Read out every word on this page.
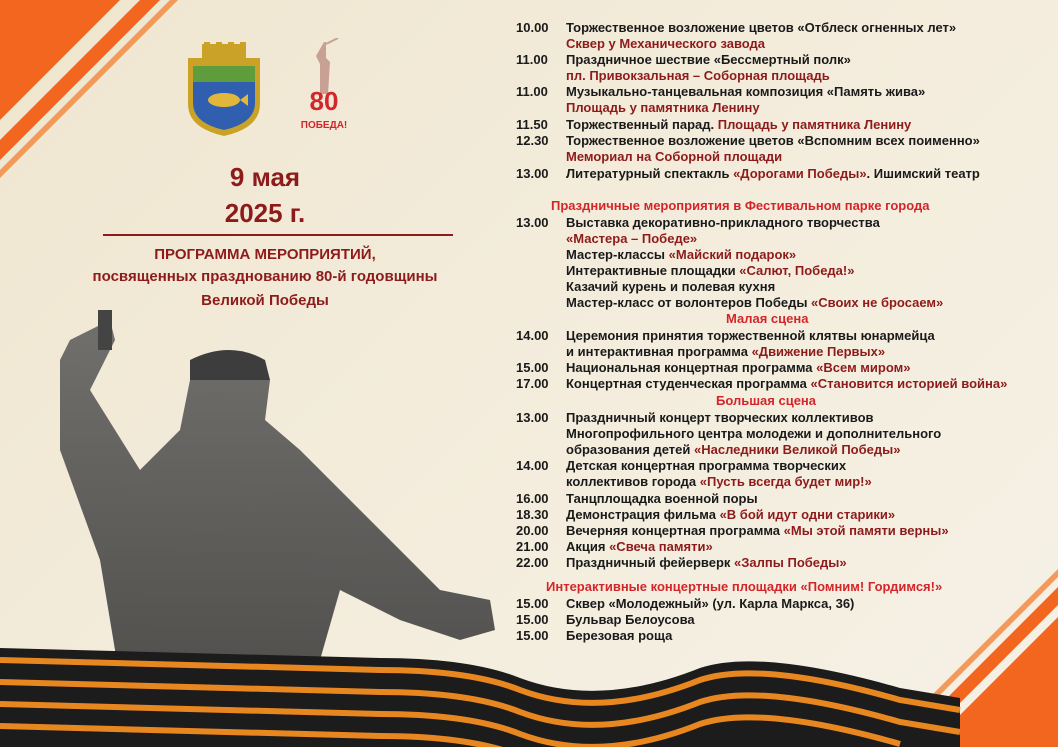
80
ПОБЕДА!
9 мая
2025 г.
ПРОГРАММА МЕРОПРИЯТИЙ,
посвященных празднованию 80-й годовщины
Великой Победы
10.00 Торжественное возложение цветов «Отблеск огненных лет»
Сквер у Механического завода
11.00 Праздничное шествие «Бессмертный полк»
пл. Привокзальная – Соборная площадь
11.00 Музыкально-танцевальная композиция «Память жива»
Площадь у памятника Ленину
11.50 Торжественный парад. Площадь у памятника Ленину
12.30 Торжественное возложение цветов «Вспомним всех поименно»
Мемориал на Соборной площади
13.00 Литературный спектакль «Дорогами Победы». Ишимский театр
Праздничные мероприятия в Фестивальном парке города
13.00 Выставка декоративно-прикладного творчества
«Мастера – Победе»
Мастер-классы «Майский подарок»
Интерактивные площадки «Салют, Победа!»
Казачий курень и полевая кухня
Мастер-класс от волонтеров Победы «Своих не бросаем»
Малая сцена
14.00 Церемония принятия торжественной клятвы юнармейца
и интерактивная программа «Движение Первых»
15.00 Национальная концертная программа «Всем миром»
17.00 Концертная студенческая программа «Становится историей война»
Большая сцена
13.00 Праздничный концерт творческих коллективов
Многопрофильного центра молодежи и дополнительного
образования детей «Наследники Великой Победы»
14.00 Детская концертная программа творческих
коллективов города «Пусть всегда будет мир!»
16.00 Танцплощадка военной поры
18.30 Демонстрация фильма «В бой идут одни старики»
20.00 Вечерняя концертная программа «Мы этой памяти верны»
21.00 Акция «Свеча памяти»
22.00 Праздничный фейерверк «Залпы Победы»
Интерактивные концертные площадки «Помним! Гордимся!»
15.00 Сквер «Молодежный» (ул. Карла Маркса, 36)
15.00 Бульвар Белоусова
15.00 Березовая роща
